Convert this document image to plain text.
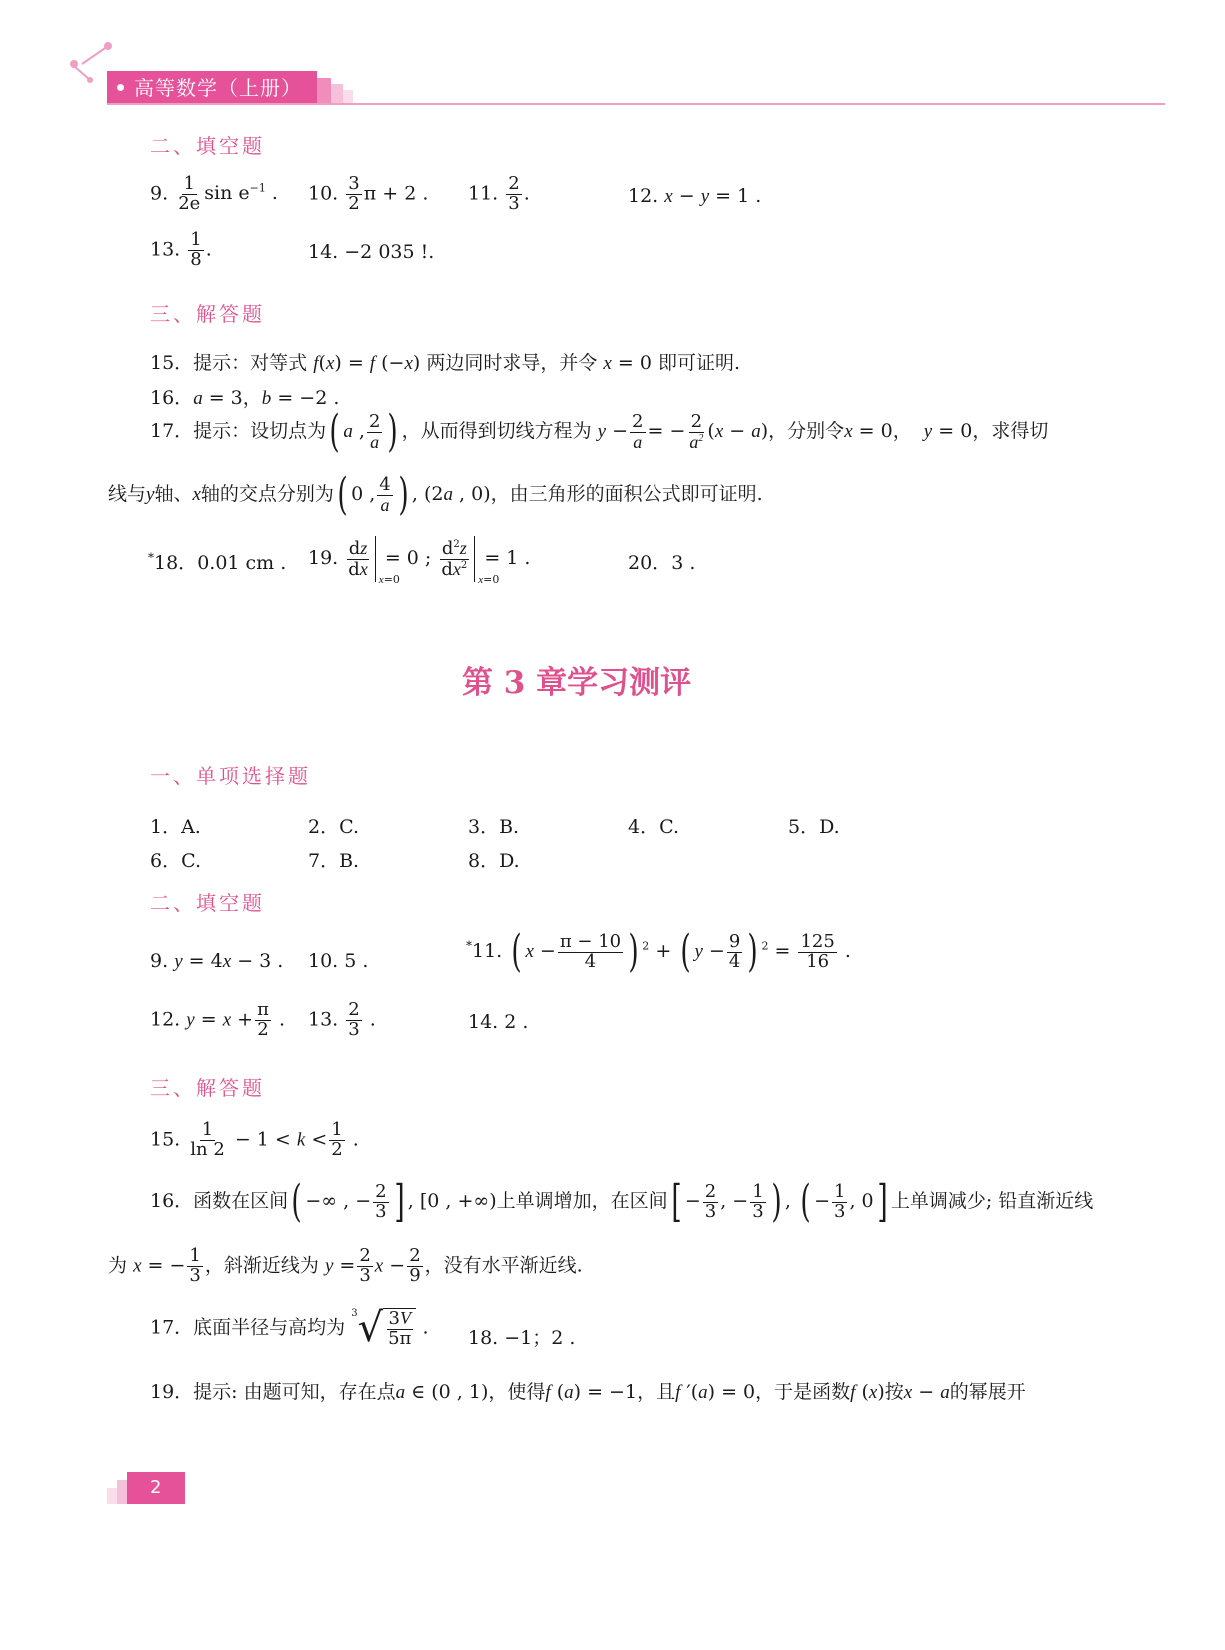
高等数学（上册）
二、填空题
9. $\frac{1}{2e}$ $\sin e^{-1}$ . 10. $\frac{3}{2}$ π + 2 . 11. $\frac{2}{3}$ .	12. x − y = 1 .
13. $\frac{1}{8}$ .	14. −2 035 !.
三、解答题
15．提示：对等式 f(x) = f (−x) 两边同时求导，并令 x = 0 即可证明.
16．a = 3，b = −2 .
17．提示：设切点为( a , $\frac{2}{a}$ ) ，从而得到切线方程为 $y - \frac{2}{a}$ = − $\frac{2}{a^2} (x - a)$，分别令x = 0，  y = 0，求得切
线与y轴、x轴的交点分别为( 0 , $\frac{4}{a}$ ) , (2a , 0)，由三角形的面积公式即可证明.
*18．0.01 cm . 19. $\frac{dz}{dx}$
x=0
= 0 ; $\frac{d^2z}{dx^2}$
x=0
= 1 .	20．3 .
第 3 章学习测评
一、单项选择题
1．A.	2．C.	3．B.	4．C.	5．D.
6．C.	7．B.	8．D.
二、填空题
9. y = 4x − 3 . 10. 5 .
*11. ( $x - \frac{\pi - 10}{4}$ ) $^2$ + ( $y - \frac{9}{4}$ ) $^2 = \frac{125}{16}$ .
12. $y = x + \frac{\pi}{2}$ . 13. $\frac{2}{3}$ .	14. 2 .
三、解答题
15. $\frac{1}{\ln 2} - 1 < k < \frac{1}{2}$ .
16．函数在区间( −∞ , − $\frac{2}{3}$ ] , [0 , +∞)上单调增加，在区间[ − $\frac{2}{3}$ , − $\frac{1}{3}$ ) , ( − $\frac{1}{3}$ , 0] 上单调减少; 铅直渐近线
为 x = − $\frac{1}{3}$ ，斜渐近线为 $y = \frac{2}{3}$ $x - \frac{2}{9}$ ，没有水平渐近线.
17．底面半径与高均为
3 √ $\frac{3V}{5\pi}$ . 18. −1；2 .
19．提示: 由题可知，存在点a ∈ (0 , 1)，使得f (a) = −1，且f ′(a) = 0，于是函数f (x)按x − a的幂展开
2
